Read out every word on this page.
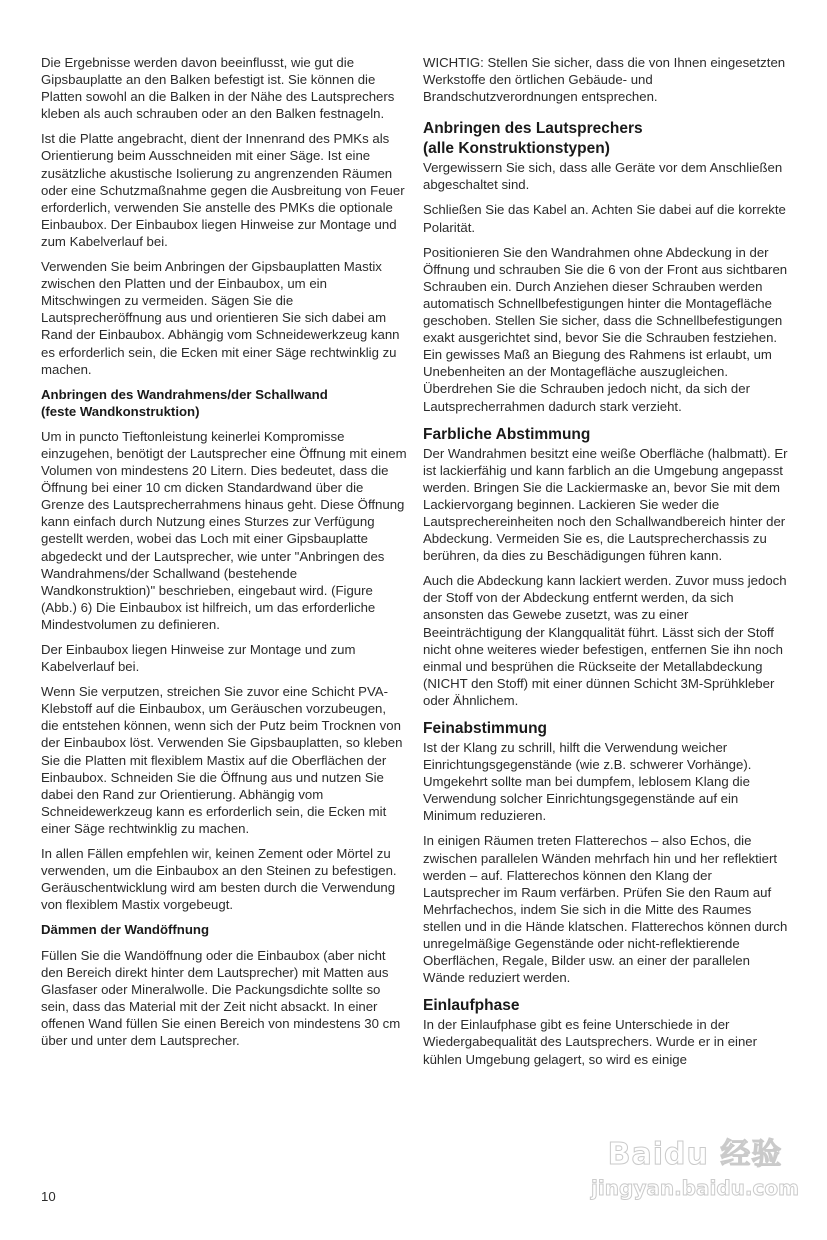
Die Ergebnisse werden davon beeinflusst, wie gut die Gipsbauplatte an den Balken befestigt ist. Sie können die Platten sowohl an die Balken in der Nähe des Lautsprechers kleben als auch schrauben oder an den Balken festnageln.

Ist die Platte angebracht, dient der Innenrand des PMKs als Orientierung beim Ausschneiden mit einer Säge. Ist eine zusätzliche akustische Isolierung zu angrenzenden Räumen oder eine Schutzmaßnahme gegen die Ausbreitung von Feuer erforderlich, verwenden Sie anstelle des PMKs die optionale Einbaubox. Der Einbaubox liegen Hinweise zur Montage und zum Kabelverlauf bei.

Verwenden Sie beim Anbringen der Gipsbauplatten Mastix zwischen den Platten und der Einbaubox, um ein Mitschwingen zu vermeiden. Sägen Sie die Lautsprecheröffnung aus und orientieren Sie sich dabei am Rand der Einbaubox. Abhängig vom Schneidewerkzeug kann es erforderlich sein, die Ecken mit einer Säge rechtwinklig zu machen.

Anbringen des Wandrahmens/der Schallwand
(feste Wandkonstruktion)

Um in puncto Tieftonleistung keinerlei Kompromisse einzugehen, benötigt der Lautsprecher eine Öffnung mit einem Volumen von mindestens 20 Litern. Dies bedeutet, dass die Öffnung bei einer 10 cm dicken Standardwand über die Grenze des Lautsprecherrahmens hinaus geht. Diese Öffnung kann einfach durch Nutzung eines Sturzes zur Verfügung gestellt werden, wobei das Loch mit einer Gipsbauplatte abgedeckt und der Lautsprecher, wie unter "Anbringen des Wandrahmens/der Schallwand (bestehende Wandkonstruktion)" beschrieben, eingebaut wird. (Figure (Abb.) 6) Die Einbaubox ist hilfreich, um das erforderliche Mindestvolumen zu definieren.

Der Einbaubox liegen Hinweise zur Montage und zum Kabelverlauf bei.

Wenn Sie verputzen, streichen Sie zuvor eine Schicht PVA-Klebstoff auf die Einbaubox, um Geräuschen vorzubeugen, die entstehen können, wenn sich der Putz beim Trocknen von der Einbaubox löst. Verwenden Sie Gipsbauplatten, so kleben Sie die Platten mit flexiblem Mastix auf die Oberflächen der Einbaubox. Schneiden Sie die Öffnung aus und nutzen Sie dabei den Rand zur Orientierung. Abhängig vom Schneidewerkzeug kann es erforderlich sein, die Ecken mit einer Säge rechtwinklig zu machen.

In allen Fällen empfehlen wir, keinen Zement oder Mörtel zu verwenden, um die Einbaubox an den Steinen zu befestigen. Geräuschentwicklung wird am besten durch die Verwendung von flexiblem Mastix vorgebeugt.

Dämmen der Wandöffnung

Füllen Sie die Wandöffnung oder die Einbaubox (aber nicht den Bereich direkt hinter dem Lautsprecher) mit Matten aus Glasfaser oder Mineralwolle. Die Packungsdichte sollte so sein, dass das Material mit der Zeit nicht absackt. In einer offenen Wand füllen Sie einen Bereich von mindestens 30 cm über und unter dem Lautsprecher.

WICHTIG: Stellen Sie sicher, dass die von Ihnen eingesetzten Werkstoffe den örtlichen Gebäude- und Brandschutzverordnungen entsprechen.

Anbringen des Lautsprechers
(alle Konstruktionstypen)

Vergewissern Sie sich, dass alle Geräte vor dem Anschließen abgeschaltet sind.

Schließen Sie das Kabel an. Achten Sie dabei auf die korrekte Polarität.

Positionieren Sie den Wandrahmen ohne Abdeckung in der Öffnung und schrauben Sie die 6 von der Front aus sichtbaren Schrauben ein. Durch Anziehen dieser Schrauben werden automatisch Schnellbefestigungen hinter die Montagefläche geschoben. Stellen Sie sicher, dass die Schnellbefestigungen exakt ausgerichtet sind, bevor Sie die Schrauben festziehen. Ein gewisses Maß an Biegung des Rahmens ist erlaubt, um Unebenheiten an der Montagefläche auszugleichen. Überdrehen Sie die Schrauben jedoch nicht, da sich der Lautsprecherrahmen dadurch stark verzieht.

Farbliche Abstimmung

Der Wandrahmen besitzt eine weiße Oberfläche (halbmatt). Er ist lackierfähig und kann farblich an die Umgebung angepasst werden. Bringen Sie die Lackiermaske an, bevor Sie mit dem Lackiervorgang beginnen. Lackieren Sie weder die Lautsprechereinheiten noch den Schallwandbereich hinter der Abdeckung. Vermeiden Sie es, die Lautsprecherchassis zu berühren, da dies zu Beschädigungen führen kann.

Auch die Abdeckung kann lackiert werden. Zuvor muss jedoch der Stoff von der Abdeckung entfernt werden, da sich ansonsten das Gewebe zusetzt, was zu einer Beeinträchtigung der Klangqualität führt. Lässt sich der Stoff nicht ohne weiteres wieder befestigen, entfernen Sie ihn noch einmal und besprühen die Rückseite der Metallabdeckung (NICHT den Stoff) mit einer dünnen Schicht 3M-Sprühkleber oder Ähnlichem.

Feinabstimmung

Ist der Klang zu schrill, hilft die Verwendung weicher Einrichtungsgegenstände (wie z.B. schwerer Vorhänge). Umgekehrt sollte man bei dumpfem, leblosem Klang die Verwendung solcher Einrichtungsgegenstände auf ein Minimum reduzieren.

In einigen Räumen treten Flatterechos – also Echos, die zwischen parallelen Wänden mehrfach hin und her reflektiert werden – auf. Flatterechos können den Klang der Lautsprecher im Raum verfärben. Prüfen Sie den Raum auf Mehrfachechos, indem Sie sich in die Mitte des Raumes stellen und in die Hände klatschen. Flatterechos können durch unregelmäßige Gegenstände oder nicht-reflektierende Oberflächen, Regale, Bilder usw. an einer der parallelen Wände reduziert werden.

Einlaufphase

In der Einlaufphase gibt es feine Unterschiede in der Wiedergabequalität des Lautsprechers. Wurde er in einer kühlen Umgebung gelagert, so wird es einige

10
Baidu 经验
jingyan.baidu.com
